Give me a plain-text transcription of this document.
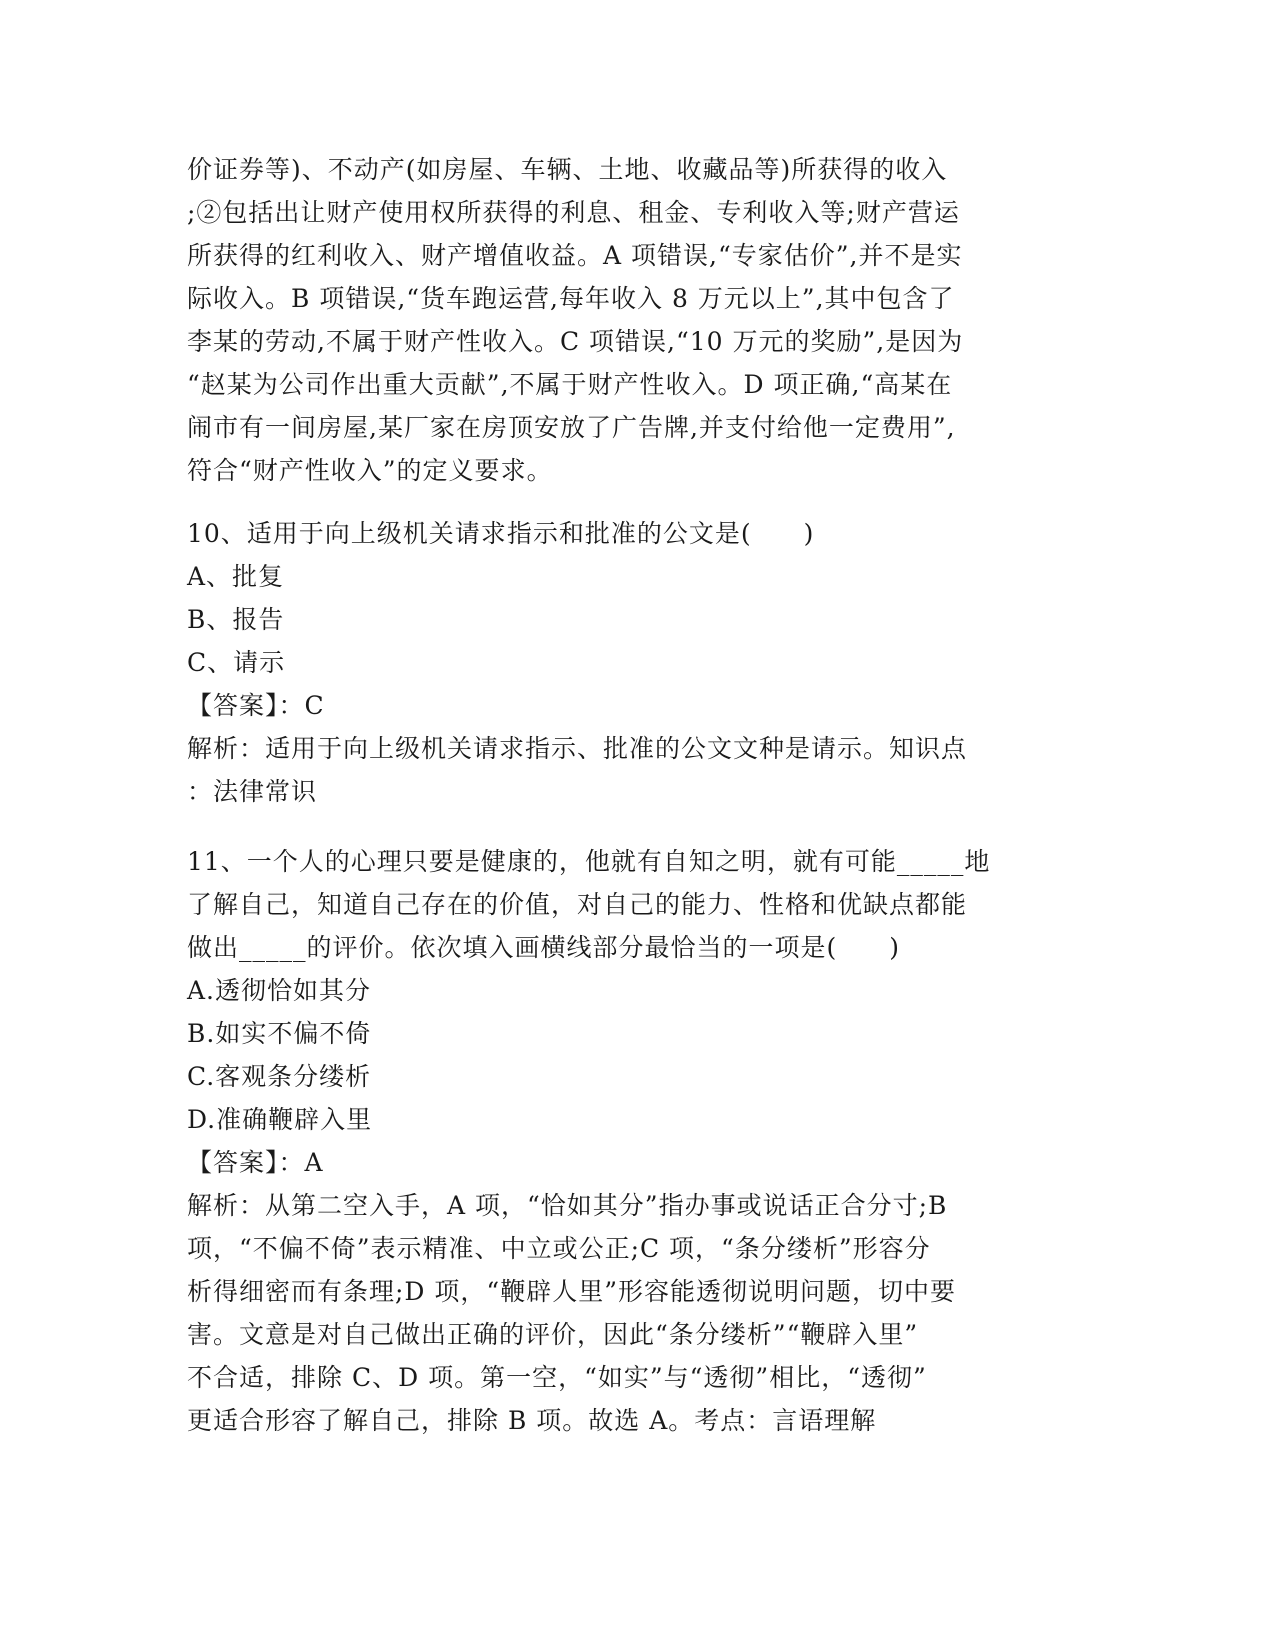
价证券等)、不动产(如房屋、车辆、土地、收藏品等)所获得的收入
;②包括出让财产使用权所获得的利息、租金、专利收入等;财产营运
所获得的红利收入、财产增值收益。A 项错误,“专家估价”,并不是实
际收入。B 项错误,“货车跑运营,每年收入 8 万元以上”,其中包含了
李某的劳动,不属于财产性收入。C 项错误,“10 万元的奖励”,是因为
“赵某为公司作出重大贡献”,不属于财产性收入。D 项正确,“高某在
闹市有一间房屋,某厂家在房顶安放了广告牌,并支付给他一定费用”,
符合“财产性收入”的定义要求。
10、适用于向上级机关请求指示和批准的公文是(　　)
A、批复
B、报告
C、请示
【答案】：C
解析：适用于向上级机关请求指示、批准的公文文种是请示。知识点
：法律常识
11、一个人的心理只要是健康的，他就有自知之明，就有可能_____地
了解自己，知道自己存在的价值，对自己的能力、性格和优缺点都能
做出_____的评价。依次填入画横线部分最恰当的一项是(　　)
A.透彻恰如其分
B.如实不偏不倚
C.客观条分缕析
D.准确鞭辟入里
【答案】：A
解析：从第二空入手，A 项，“恰如其分”指办事或说话正合分寸;B
项，“不偏不倚”表示精准、中立或公正;C 项，“条分缕析”形容分
析得细密而有条理;D 项，“鞭辟人里”形容能透彻说明问题，切中要
害。文意是对自己做出正确的评价，因此“条分缕析”“鞭辟入里”
不合适，排除 C、D 项。第一空，“如实”与“透彻”相比，“透彻”
更适合形容了解自己，排除 B 项。故选 A。考点：言语理解
